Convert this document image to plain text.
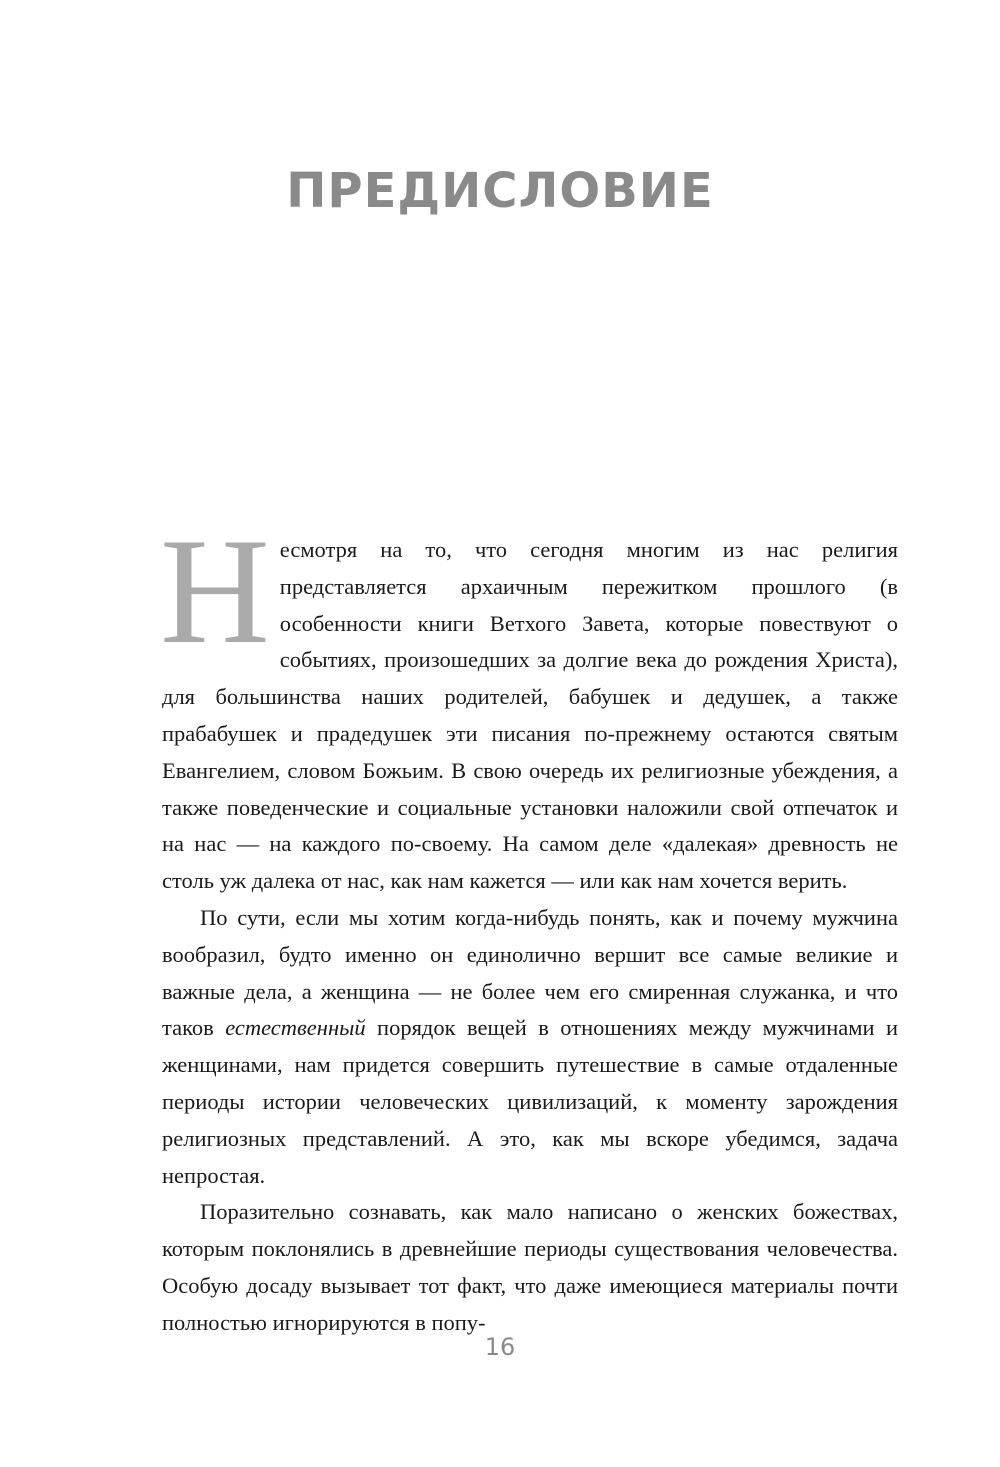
ПРЕДИСЛОВИЕ

Несмотря на то, что сегодня многим из нас религия представляется архаичным пережитком прошлого (в особенности книги Ветхого Завета, которые повествуют о событиях, произошедших за долгие века до рождения Христа), для большинства наших родителей, бабушек и дедушек, а также прабабушек и прадедушек эти писания по-прежнему остаются святым Евангелием, словом Божьим. В свою очередь их религиозные убеждения, а также поведенческие и социальные установки наложили свой отпечаток и на нас — на каждого по-своему. На самом деле «далекая» древность не столь уж далека от нас, как нам кажется — или как нам хочется верить.

По сути, если мы хотим когда-нибудь понять, как и почему мужчина вообразил, будто именно он единолично вершит все самые великие и важные дела, а женщина — не более чем его смиренная служанка, и что таков естественный порядок вещей в отношениях между мужчинами и женщинами, нам придется совершить путешествие в самые отдаленные периоды истории человеческих цивилизаций, к моменту зарождения религиозных представлений. А это, как мы вскоре убедимся, задача непростая.

Поразительно сознавать, как мало написано о женских божествах, которым поклонялись в древнейшие периоды существования человечества. Особую досаду вызывает тот факт, что даже имеющиеся материалы почти полностью игнорируются в попу-

16
